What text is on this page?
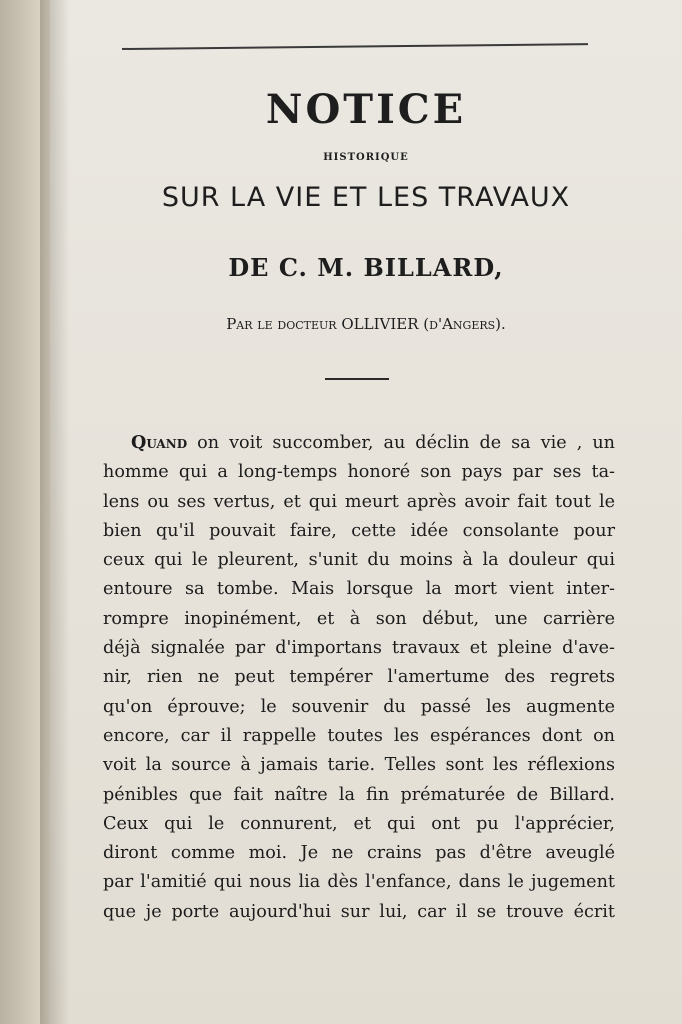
NOTICE
HISTORIQUE
SUR LA VIE ET LES TRAVAUX
DE C. M. BILLARD,
Par le docteur OLLIVIER (d'Angers).
Quand on voit succomber, au déclin de sa vie , un
homme qui a long-temps honoré son pays par ses ta-
lens ou ses vertus, et qui meurt après avoir fait tout le
bien qu'il pouvait faire, cette idée consolante pour
ceux qui le pleurent, s'unit du moins à la douleur qui
entoure sa tombe. Mais lorsque la mort vient inter-
rompre inopinément, et à son début, une carrière
déjà signalée par d'importans travaux et pleine d'ave-
nir, rien ne peut tempérer l'amertume des regrets
qu'on éprouve; le souvenir du passé les augmente
encore, car il rappelle toutes les espérances dont on
voit la source à jamais tarie. Telles sont les réflexions
pénibles que fait naître la fin prématurée de Billard.
Ceux qui le connurent, et qui ont pu l'apprécier,
diront comme moi. Je ne crains pas d'être aveuglé
par l'amitié qui nous lia dès l'enfance, dans le jugement
que je porte aujourd'hui sur lui, car il se trouve écrit
